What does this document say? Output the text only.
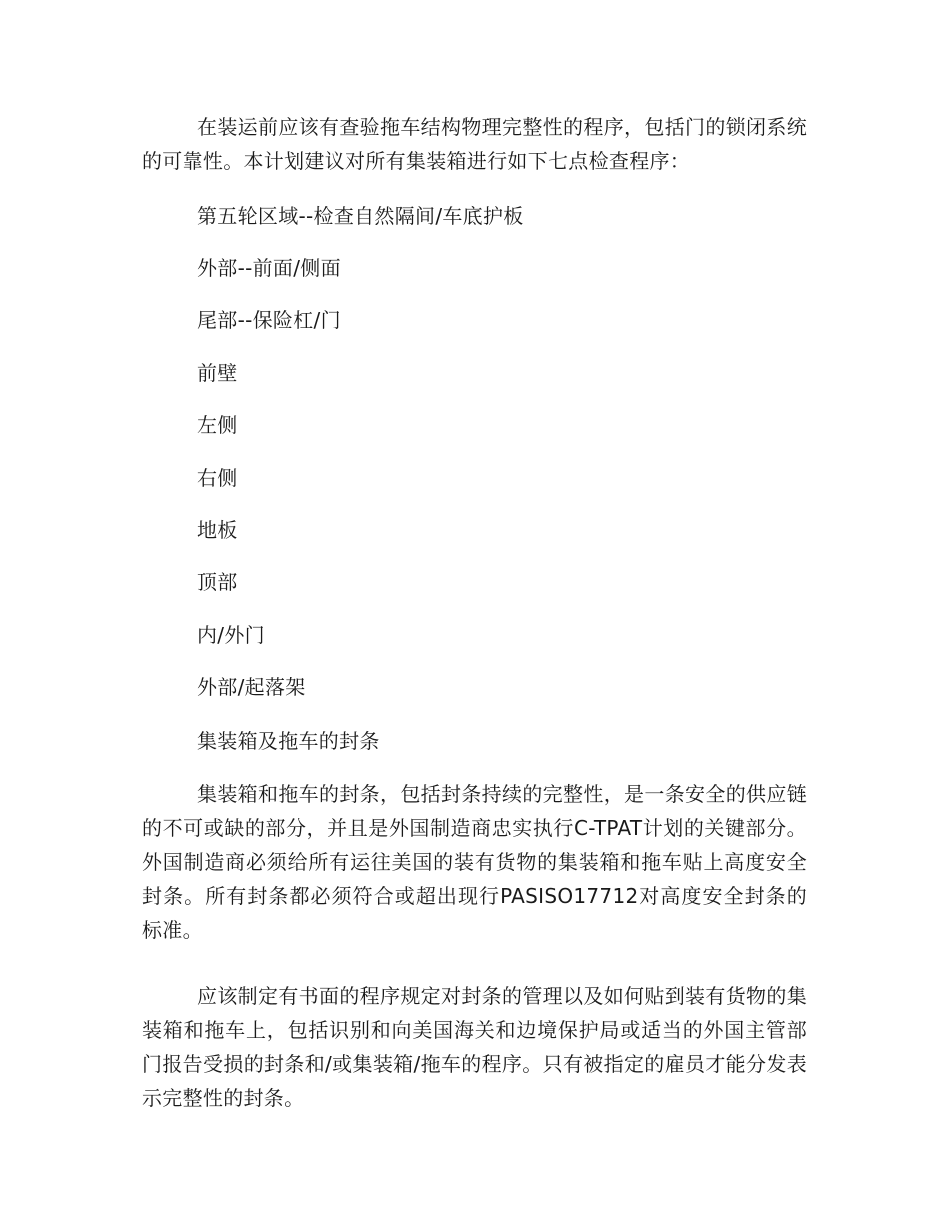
在装运前应该有查验拖车结构物理完整性的程序，包括门的锁闭系统的可靠性。本计划建议对所有集装箱进行如下七点检查程序：

第五轮区域--检查自然隔间/车底护板

外部--前面/侧面

尾部--保险杠/门

前壁

左侧

右侧

地板

顶部

内/外门

外部/起落架

集装箱及拖车的封条

集装箱和拖车的封条，包括封条持续的完整性，是一条安全的供应链的不可或缺的部分，并且是外国制造商忠实执行C-TPAT计划的关键部分。外国制造商必须给所有运往美国的装有货物的集装箱和拖车贴上高度安全封条。所有封条都必须符合或超出现行PASISO17712对高度安全封条的标准。

应该制定有书面的程序规定对封条的管理以及如何贴到装有货物的集装箱和拖车上，包括识别和向美国海关和边境保护局或适当的外国主管部门报告受损的封条和/或集装箱/拖车的程序。只有被指定的雇员才能分发表示完整性的封条。
